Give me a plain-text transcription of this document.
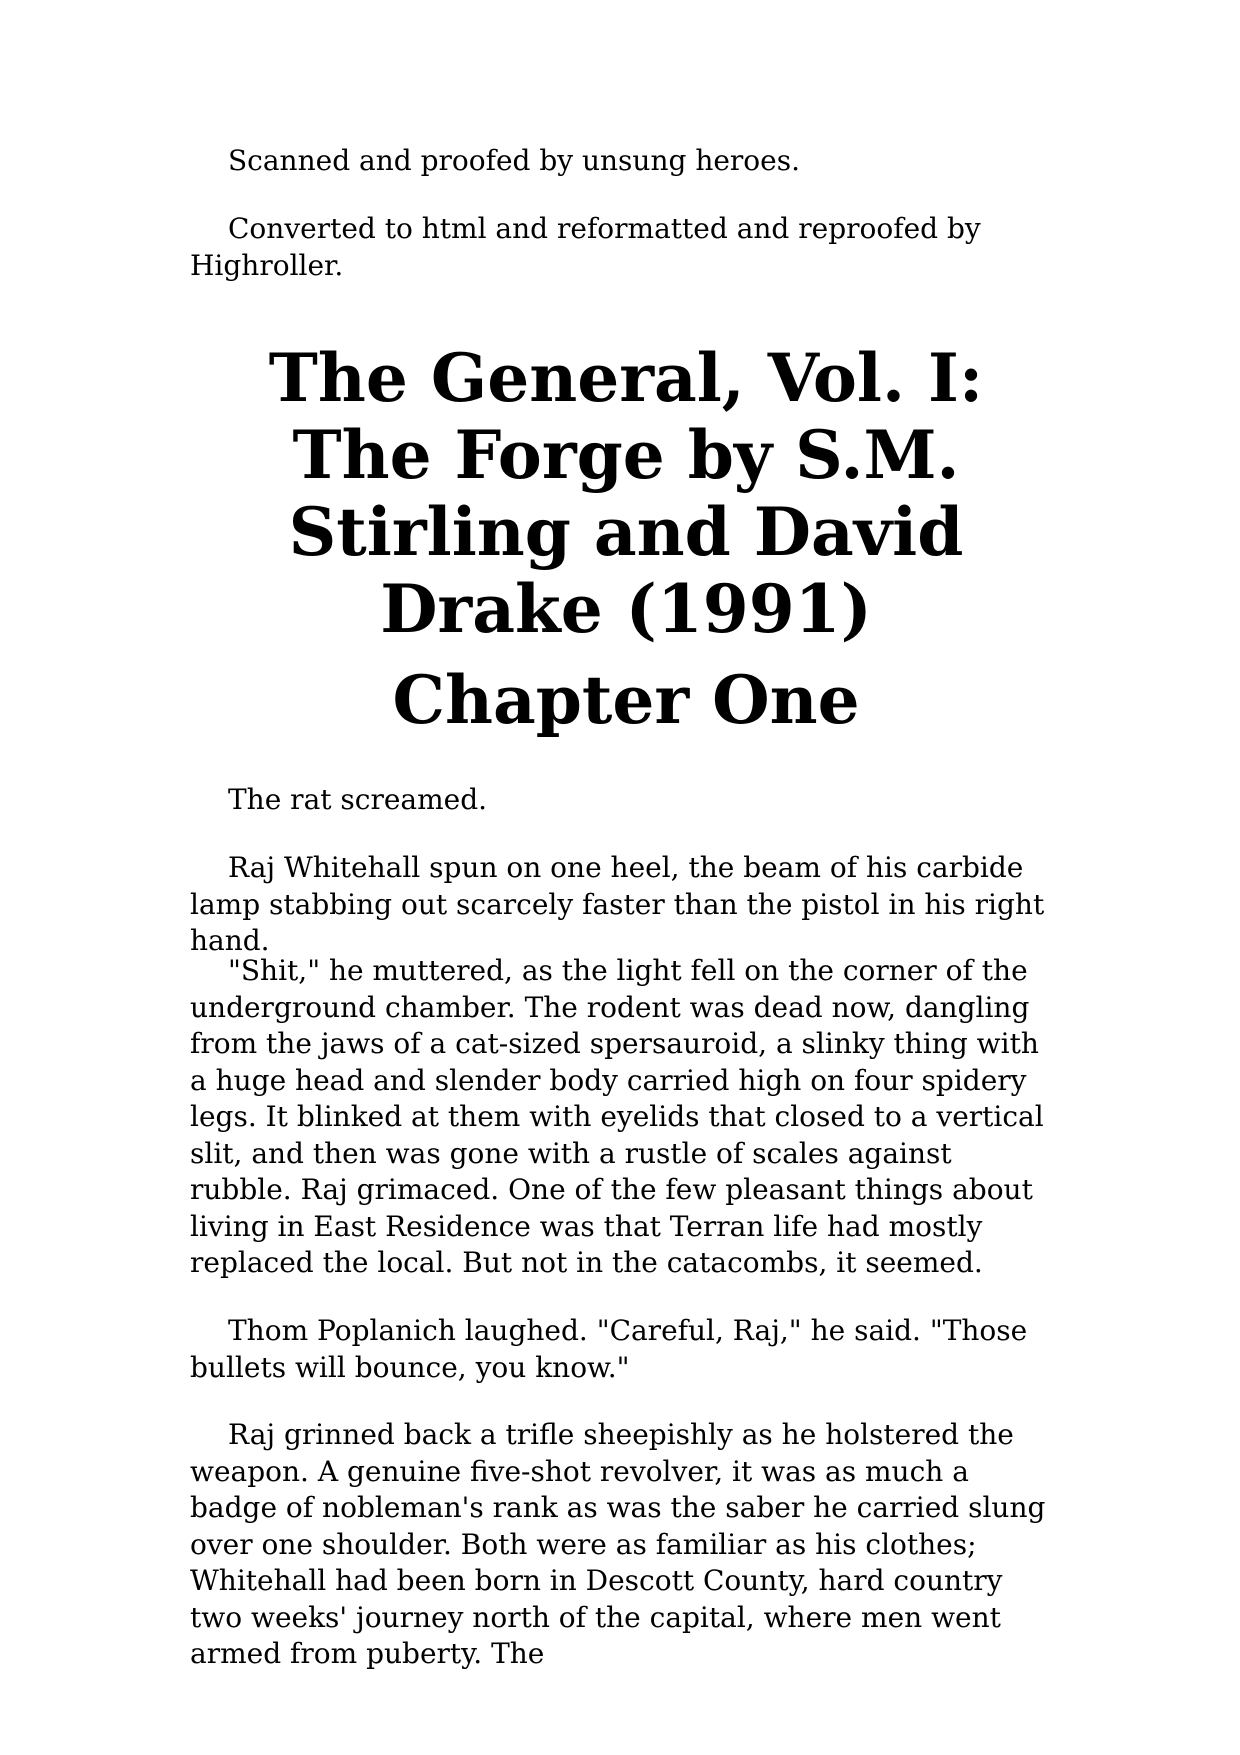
Scanned and proofed by unsung heroes.

Converted to html and reformatted and reproofed by Highroller.

The General, Vol. I: The Forge by S.M. Stirling and David Drake (1991)
Chapter One

The rat screamed.

Raj Whitehall spun on one heel, the beam of his carbide lamp stabbing out scarcely faster than the pistol in his right hand.

"Shit," he muttered, as the light fell on the corner of the underground chamber. The rodent was dead now, dangling from the jaws of a cat-sized spersauroid, a slinky thing with a huge head and slender body carried high on four spidery legs. It blinked at them with eyelids that closed to a vertical slit, and then was gone with a rustle of scales against rubble. Raj grimaced. One of the few pleasant things about living in East Residence was that Terran life had mostly replaced the local. But not in the catacombs, it seemed.

Thom Poplanich laughed. "Careful, Raj," he said. "Those bullets will bounce, you know."

Raj grinned back a trifle sheepishly as he holstered the weapon. A genuine five-shot revolver, it was as much a badge of nobleman's rank as was the saber he carried slung over one shoulder. Both were as familiar as his clothes; Whitehall had been born in Descott County, hard country two weeks' journey north of the capital, where men went armed from puberty. The
